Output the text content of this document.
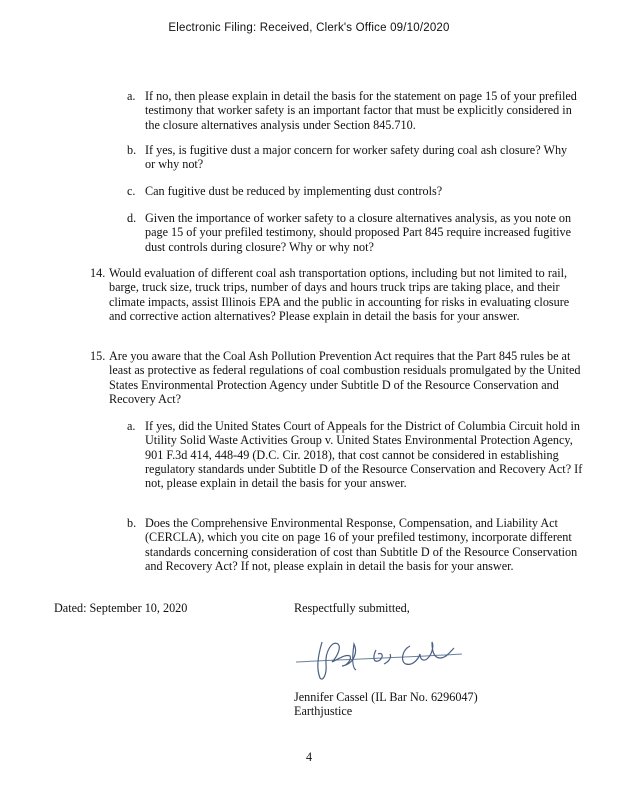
Electronic Filing: Received, Clerk's Office 09/10/2020
a. If no, then please explain in detail the basis for the statement on page 15 of your prefiled testimony that worker safety is an important factor that must be explicitly considered in the closure alternatives analysis under Section 845.710.
b. If yes, is fugitive dust a major concern for worker safety during coal ash closure? Why or why not?
c. Can fugitive dust be reduced by implementing dust controls?
d. Given the importance of worker safety to a closure alternatives analysis, as you note on page 15 of your prefiled testimony, should proposed Part 845 require increased fugitive dust controls during closure? Why or why not?
14. Would evaluation of different coal ash transportation options, including but not limited to rail, barge, truck size, truck trips, number of days and hours truck trips are taking place, and their climate impacts, assist Illinois EPA and the public in accounting for risks in evaluating closure and corrective action alternatives? Please explain in detail the basis for your answer.
15. Are you aware that the Coal Ash Pollution Prevention Act requires that the Part 845 rules be at least as protective as federal regulations of coal combustion residuals promulgated by the United States Environmental Protection Agency under Subtitle D of the Resource Conservation and Recovery Act?
a. If yes, did the United States Court of Appeals for the District of Columbia Circuit hold in Utility Solid Waste Activities Group v. United States Environmental Protection Agency, 901 F.3d 414, 448-49 (D.C. Cir. 2018), that cost cannot be considered in establishing regulatory standards under Subtitle D of the Resource Conservation and Recovery Act? If not, please explain in detail the basis for your answer.
b. Does the Comprehensive Environmental Response, Compensation, and Liability Act (CERCLA), which you cite on page 16 of your prefiled testimony, incorporate different standards concerning consideration of cost than Subtitle D of the Resource Conservation and Recovery Act? If not, please explain in detail the basis for your answer.
Dated: September 10, 2020	Respectfully submitted,
Jennifer Cassel (IL Bar No. 6296047)
Earthjustice
4
